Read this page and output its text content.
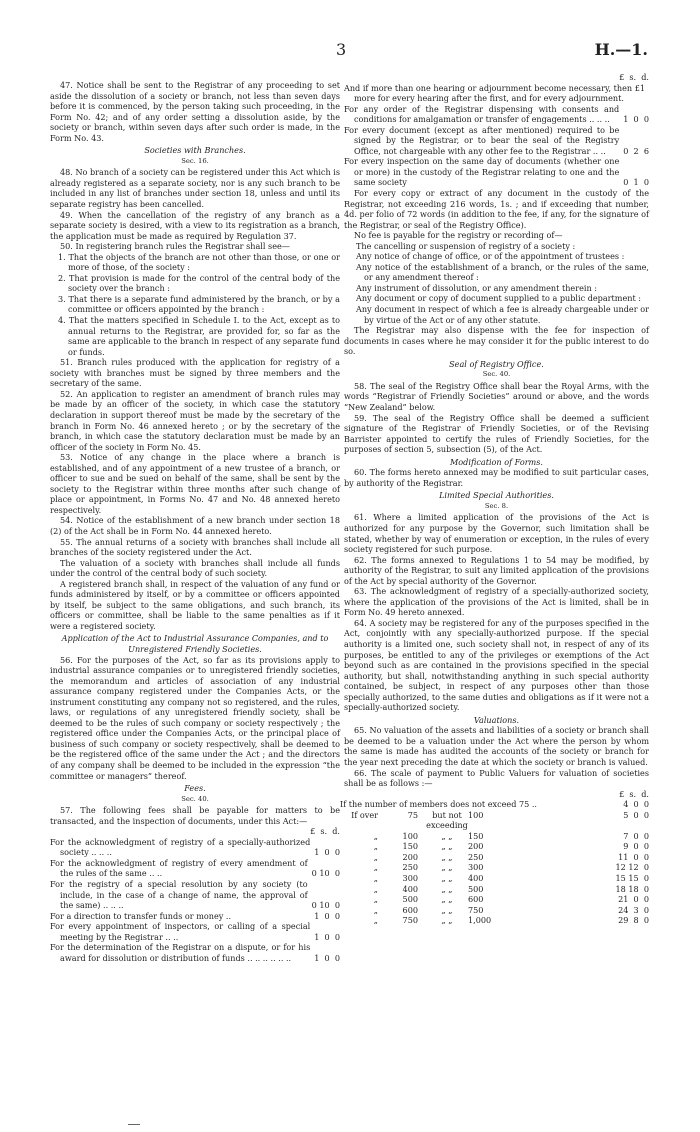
3	H.—1.

47. Notice shall be sent to the Registrar of any proceeding to set aside the dissolution of a society or branch, not less than seven days before it is commenced, by the person taking such proceeding, in the Form No. 42; and of any order setting a dissolution aside, by the society or branch, within seven days after such order is made, in the Form No. 43.

Societies with Branches.

Sec. 16.

48. No branch of a society can be registered under this Act which is already registered as a separate society, nor is any such branch to be included in any list of branches under section 18, unless and until its separate registry has been cancelled.

49. When the cancellation of the registry of any branch as a separate society is desired, with a view to its registration as a branch, the application must be made as required by Regulation 37.

50. In registering branch rules the Registrar shall see—

1. That the objects of the branch are not other than those, or one or more of those, of the society :

2. That provision is made for the control of the central body of the society over the branch :

3. That there is a separate fund administered by the branch, or by a committee or officers appointed by the branch :

4. That the matters specified in Schedule I. to the Act, except as to annual returns to the Registrar, are provided for, so far as the same are applicable to the branch in respect of any separate fund or funds.

51. Branch rules produced with the application for registry of a society with branches must be signed by three members and the secretary of the same.

52. An application to register an amendment of branch rules may be made by an officer of the society, in which case the statutory declaration in support thereof must be made by the secretary of the branch in Form No. 46 annexed hereto ; or by the secretary of the branch, in which case the statutory declaration must be made by an officer of the society in Form No. 45.

53. Notice of any change in the place where a branch is established, and of any appointment of a new trustee of a branch, or officer to sue and be sued on behalf of the same, shall be sent by the society to the Registrar within three months after such change of place or appointment, in Forms No. 47 and No. 48 annexed hereto respectively.

54. Notice of the establishment of a new branch under section 18 (2) of the Act shall be in Form No. 44 annexed hereto.

55. The annual returns of a society with branches shall include all branches of the society registered under the Act.

The valuation of a society with branches shall include all funds under the control of the central body of such society.

A registered branch shall, in respect of the valuation of any fund or funds administered by itself, or by a committee or officers appointed by itself, be subject to the same obligations, and such branch, its officers or committee, shall be liable to the same penalties as if it were a registered society.

Application of the Act to Industrial Assurance Companies, and to Unregistered Friendly Societies.

56. For the purposes of the Act, so far as its provisions apply to industrial assurance companies or to unregistered friendly societies, the memorandum and articles of association of any industrial assurance company registered under the Companies Acts, or the instrument constituting any company not so registered, and the rules, laws, or regulations of any unregistered friendly society, shall be deemed to be the rules of such company or society respectively ; the registered office under the Companies Acts, or the principal place of business of such company or society respectively, shall be deemed to be the registered office of the same under the Act ; and the directors of any company shall be deemed to be included in the expression “the committee or managers” thereof.

Fees.

Sec. 40.

57. The following fees shall be payable for matters to be transacted, and the inspection of documents, under this Act:—

£  s.  d.

For the acknowledgment of registry of a specially-authorized society .. .. ..	1  0  0
For the acknowledgment of registry of every amendment of the rules of the same .. ..	0 10  0
For the registry of a special resolution by any society (to include, in the case of a change of name, the approval of the same) .. .. ..	0 10  0
For a direction to transfer funds or money ..	1  0  0
For every appointment of inspectors, or calling of a special meeting by the Registrar .. ..	1  0  0
For the determination of the Registrar on a dispute, or for his award for dissolution or distribution of funds .. .. .. .. .. ..	1  0  0

£  s.  d.

And if more than one hearing or adjournment become necessary, then £1 more for every hearing after the first, and for every adjournment.
For any order of the Registrar dispensing with consents and conditions for amalgamation or transfer of engagements .. .. ..	1  0  0
For every document (except as after mentioned) required to be signed by the Registrar, or to bear the seal of the Registry Office, not chargeable with any other fee to the Registrar .. ..	0  2  6
For every inspection on the same day of documents (whether one or more) in the custody of the Registrar relating to one and the same society	0  1  0

For every copy or extract of any document in the custody of the Registrar, not exceeding 216 words, 1s. ; and if exceeding that number, 4d. per folio of 72 words (in addition to the fee, if any, for the signature of the Registrar, or seal of the Registry Office).

No fee is payable for the registry or recording of—

The cancelling or suspension of registry of a society :

Any notice of change of office, or of the appointment of trustees :

Any notice of the establishment of a branch, or the rules of the same, or any amendment thereof :

Any instrument of dissolution, or any amendment therein :

Any document or copy of document supplied to a public department :

Any document in respect of which a fee is already chargeable under or by virtue of the Act or of any other statute.

The Registrar may also dispense with the fee for inspection of documents in cases where he may consider it for the public interest to do so.

Seal of Registry Office.

Sec. 40.

58. The seal of the Registry Office shall bear the Royal Arms, with the words “Registrar of Friendly Societies” around or above, and the words “New Zealand” below.

59. The seal of the Registry Office shall be deemed a sufficient signature of the Registrar of Friendly Societies, or of the Revising Barrister appointed to certify the rules of Friendly Societies, for the purposes of section 5, subsection (5), of the Act.

Modification of Forms.

60. The forms hereto annexed may be modified to suit particular cases, by authority of the Registrar.

Limited Special Authorities.

Sec. 8.

61. Where a limited application of the provisions of the Act is authorized for any purpose by the Governor, such limitation shall be stated, whether by way of enumeration or exception, in the rules of every society registered for such purpose.

62. The forms annexed to Regulations 1 to 54 may be modified, by authority of the Registrar, to suit any limited application of the provisions of the Act by special authority of the Governor.

63. The acknowledgment of registry of a specially-authorized society, where the application of the provisions of the Act is limited, shall be in Form No. 49 hereto annexed.

64. A society may be registered for any of the purposes specified in the Act, conjointly with any specially-authorized purpose. If the special authority is a limited one, such society shall not, in respect of any of its purposes, be entitled to any of the privileges or exemptions of the Act beyond such as are contained in the provisions specified in the special authority, but shall, notwithstanding anything in such special authority contained, be subject, in respect of any purposes other than those specially authorized, to the same duties and obligations as if it were not a specially-authorized society.

Valuations.

65. No valuation of the assets and liabilities of a society or branch shall be deemed to be a valuation under the Act where the person by whom the same is made has audited the accounts of the society or branch for the year next preceding the date at which the society or branch is valued.

66. The scale of payment to Public Valuers for valuation of societies shall be as follows :—

£  s.  d.

If the number of members does not exceed 75 ..	4  0  0
If over	75	but not exceeding
100	5  0  0
„	100	„ „	150	7  0  0
„	150	„ „	200	9  0  0
„	200	„ „	250	11  0  0
„	250	„ „	300	12 12  0
„	300	„ „	400	15 15  0
„	400	„ „	500	18 18  0
„	500	„ „	600	21  0  0
„	600	„ „	750	24  3  0
„	750	„ „	1,000	29  8  0
